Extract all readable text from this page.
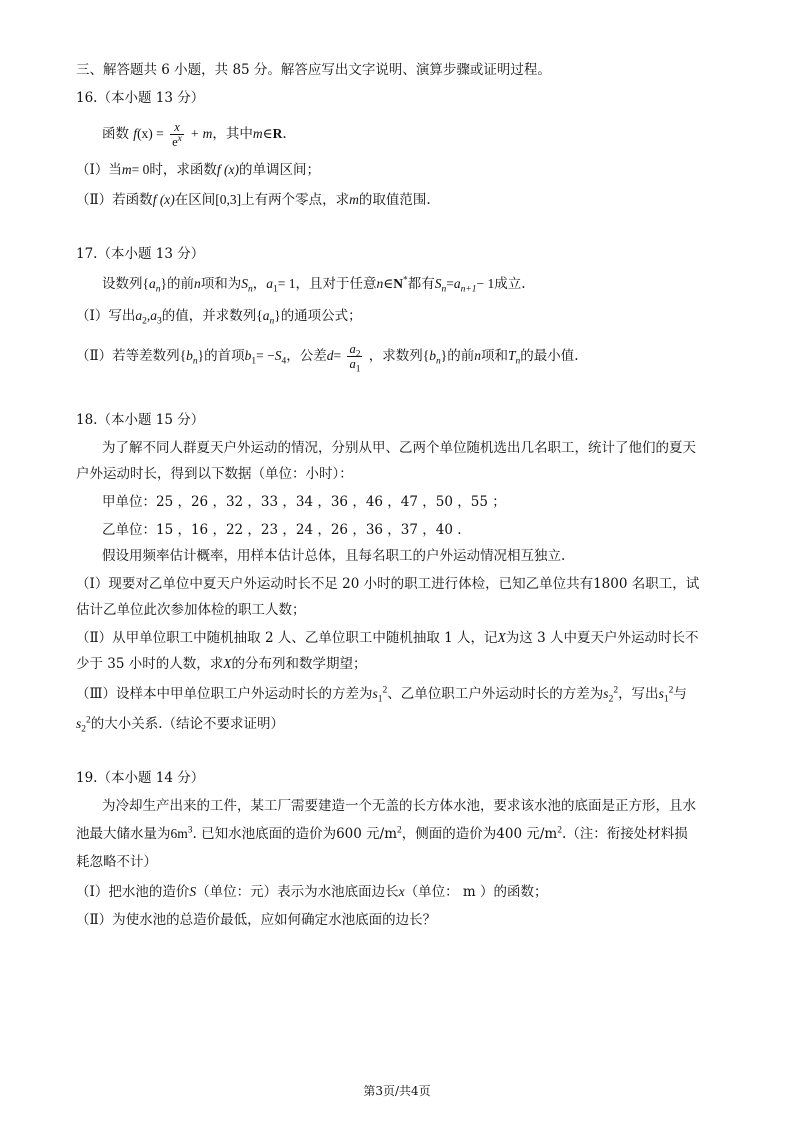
三、解答题共 6 小题，共 85 分。解答应写出文字说明、演算步骤或证明过程。
16.（本小题 13 分）
函数 $f(x) = \frac{x}{e^x} + m$，其中m∈R.
（Ⅰ）当m= 0时，求函数f (x)的单调区间；
（Ⅱ）若函数f (x)在区间[0,3]上有两个零点，求m的取值范围.
17.（本小题 13 分）
设数列$\{a_n\}$的前n项和为$S_n$，$a_1= 1$，且对于任意n∈N*都有$S_n=a_{n+1}- 1$成立.
（Ⅰ）写出$a_2,a_3$的值，并求数列$\{a_n\}$的通项公式；
（Ⅱ）若等差数列$\{b_n\}$的首项$b_1= -S_4$，公差$d= \frac{a_2}{a_1}$ ，求数列$\{b_n\}$的前n项和$T_n$的最小值.
18.（本小题 15 分）
为了解不同人群夏天户外运动的情况，分别从甲、乙两个单位随机选出几名职工，统计了他们的夏天
户外运动时长，得到以下数据（单位：小时）：
甲单位：25 ，26 ，32 ，33 ，34 ，36 ，46 ，47 ，50 ，55 ；
乙单位：15 ，16 ，22 ，23 ，24 ，26 ，36 ，37 ，40 .
假设用频率估计概率，用样本估计总体，且每名职工的户外运动情况相互独立.
（Ⅰ）现要对乙单位中夏天户外运动时长不足 20 小时的职工进行体检，已知乙单位共有1800 名职工，试
估计乙单位此次参加体检的职工人数；
（Ⅱ）从甲单位职工中随机抽取 2 人、乙单位职工中随机抽取 1 人，记X为这 3 人中夏天户外运动时长不
少于 35 小时的人数，求X的分布列和数学期望；
（Ⅲ）设样本中甲单位职工户外运动时长的方差为$s_1^2$、乙单位职工户外运动时长的方差为$s_2^2$，写出$s_1^2$与
$s_2^2$的大小关系.（结论不要求证明）
19.（本小题 14 分）
为冷却生产出来的工件，某工厂需要建造一个无盖的长方体水池，要求该水池的底面是正方形，且水
池最大储水量为$6m^3$. 已知水池底面的造价为600 元$/m^2$，侧面的造价为400 元$/m^2$.（注：衔接处材料损
耗忽略不计）
（Ⅰ）把水池的造价S（单位：元）表示为水池底面边长x（单位： m ）的函数；
（Ⅱ）为使水池的总造价最低，应如何确定水池底面的边长？
第3页/共4页
